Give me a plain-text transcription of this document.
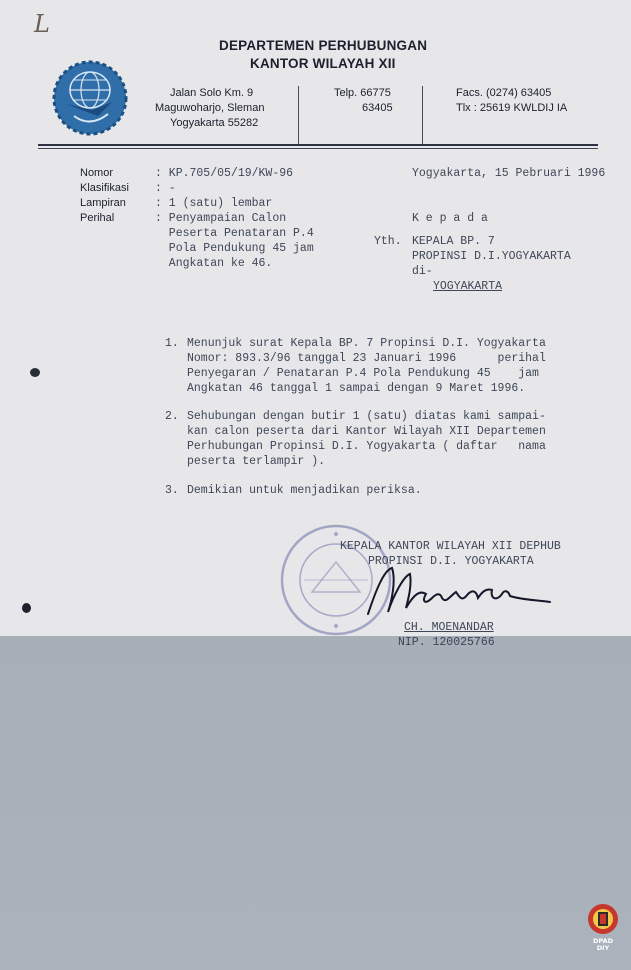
L
DEPARTEMEN PERHUBUNGAN
KANTOR WILAYAH XII
Jalan Solo Km. 9
Maguwoharjo, Sleman
Yogyakarta 55282
Telp. 66775
63405
Facs. (0274) 63405
Tlx : 25619 KWLDIJ IA
Nomor
Klasifikasi
Lampiran
Perihal
: KP.705/05/19/KW-96
: -
: 1 (satu) lembar
: Penyampaian Calon
Peserta Penataran P.4
Pola Pendukung 45 jam
Angkatan ke 46.
Yogyakarta, 15 Pebruari 1996
K e p a d a
Yth. KEPALA BP. 7
PROPINSI D.I.YOGYAKARTA
di-
YOGYAKARTA
1. Menunjuk surat Kepala BP. 7 Propinsi D.I. Yogyakarta
Nomor: 893.3/96 tanggal 23 Januari 1996      perihal
Penyegaran / Penataran P.4 Pola Pendukung 45    jam
Angkatan 46 tanggal 1 sampai dengan 9 Maret 1996.
2. Sehubungan dengan butir 1 (satu) diatas kami sampai-
kan calon peserta dari Kantor Wilayah XII Departemen
Perhubungan Propinsi D.I. Yogyakarta ( daftar   nama
peserta terlampir ).
3. Demikian untuk menjadikan periksa.
KEPALA KANTOR WILAYAH XII DEPHUB
PROPINSI D.I. YOGYAKARTA
CH. MOENANDAR
NIP. 120025766
DPAD
DIY
